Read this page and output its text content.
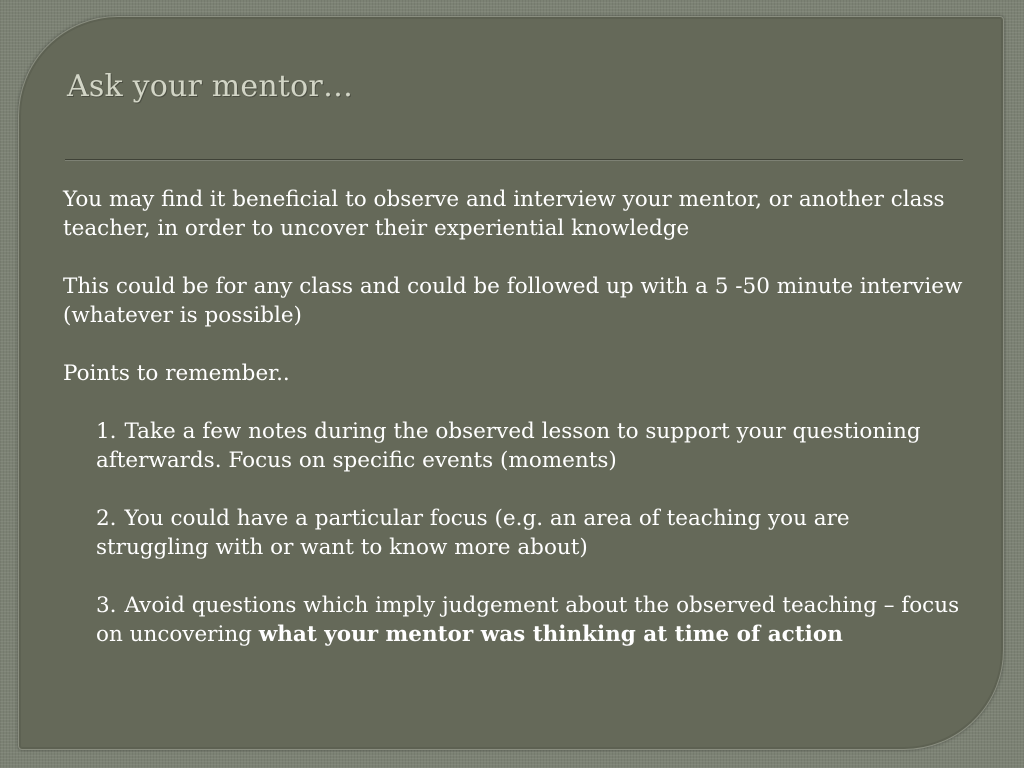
Ask your mentor…

You may find it beneficial to observe and interview your mentor, or another class teacher, in order to uncover their experiential knowledge

This could be for any class and could be followed up with a 5 -50 minute interview (whatever is possible)

Points to remember..

1. Take a few notes during the observed lesson to support your questioning afterwards. Focus on specific events (moments)
2. You could have a particular focus (e.g. an area of teaching you are struggling with or want to know more about)
3. Avoid questions which imply judgement about the observed teaching – focus on uncovering what your mentor was thinking at time of action
